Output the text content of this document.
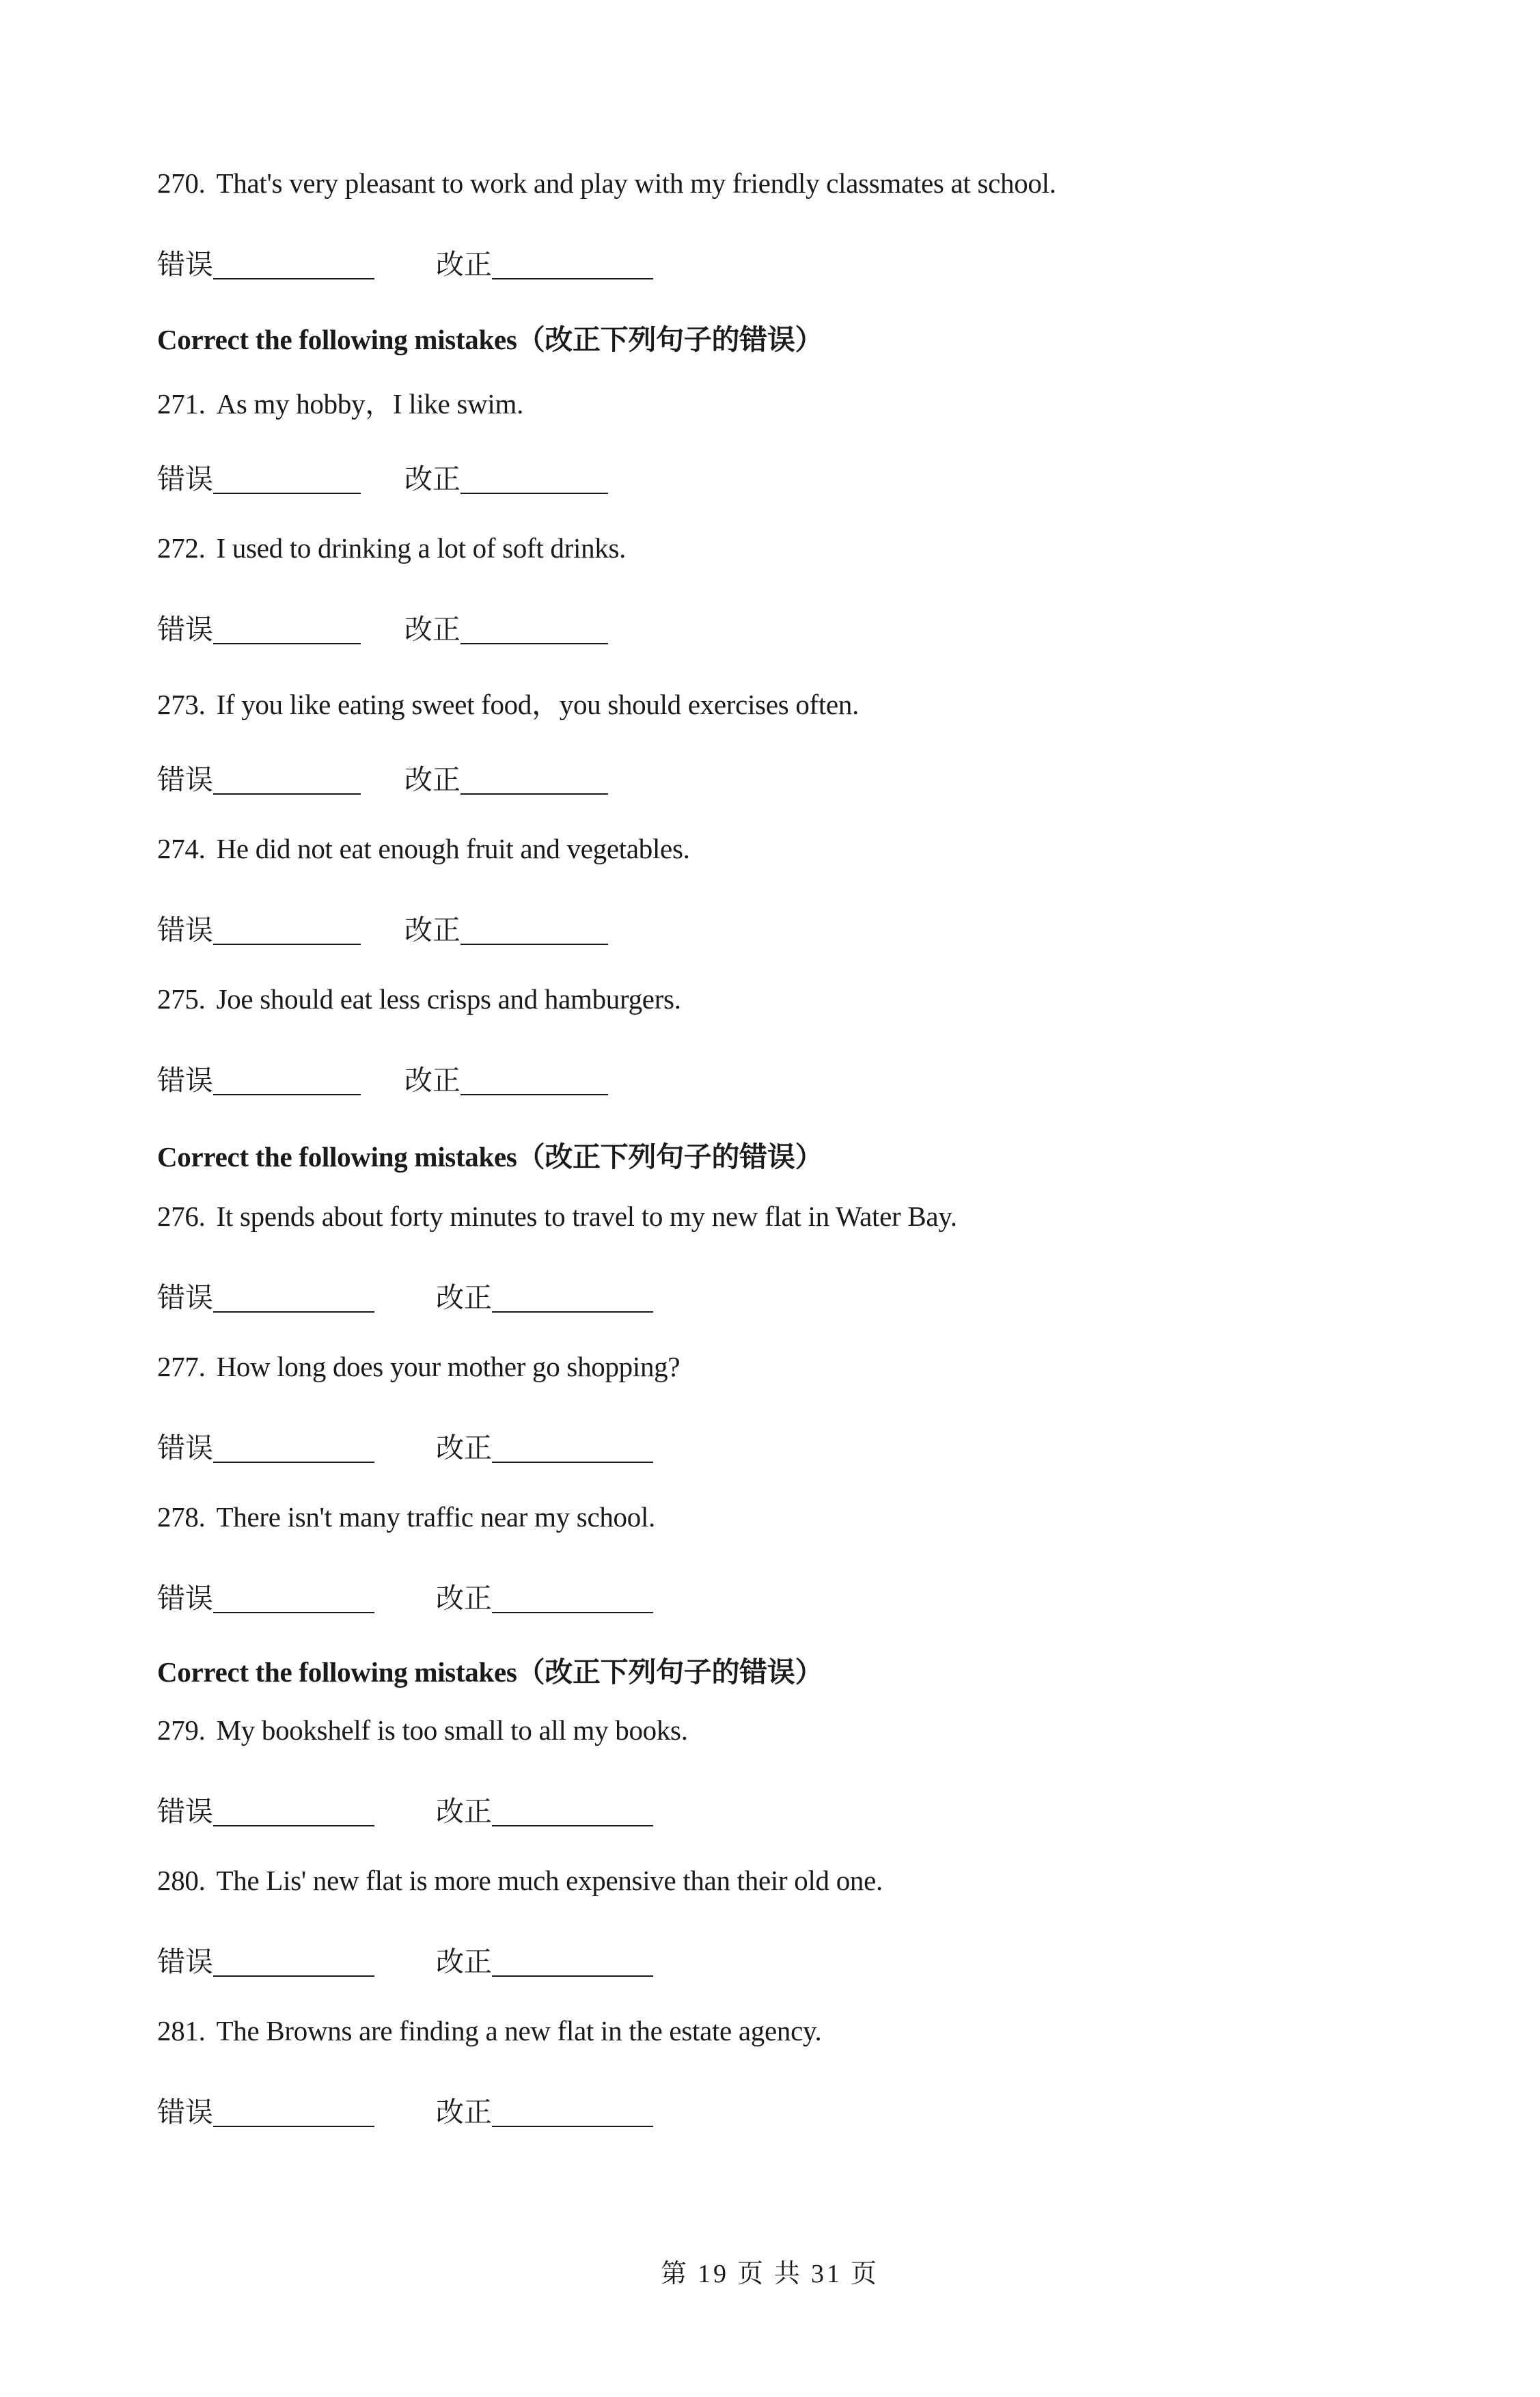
270. That's very pleasant to work and play with my friendly classmates at school.
错误	改正
Correct the following mistakes（改正下列句子的错误）
271. As my hobby，I like swim.
错误	改正
272. I used to drinking a lot of soft drinks.
错误	改正
273. If you like eating sweet food，you should exercises often.
错误	改正
274. He did not eat enough fruit and vegetables.
错误	改正
275. Joe should eat less crisps and hamburgers.
错误	改正
Correct the following mistakes（改正下列句子的错误）
276. It spends about forty minutes to travel to my new flat in Water Bay.
错误	改正
277. How long does your mother go shopping?
错误	改正
278. There isn't many traffic near my school.
错误	改正
Correct the following mistakes（改正下列句子的错误）
279. My bookshelf is too small to all my books.
错误	改正
280. The Lis' new flat is more much expensive than their old one.
错误	改正
281. The Browns are finding a new flat in the estate agency.
错误	改正
第 19 页 共 31 页
